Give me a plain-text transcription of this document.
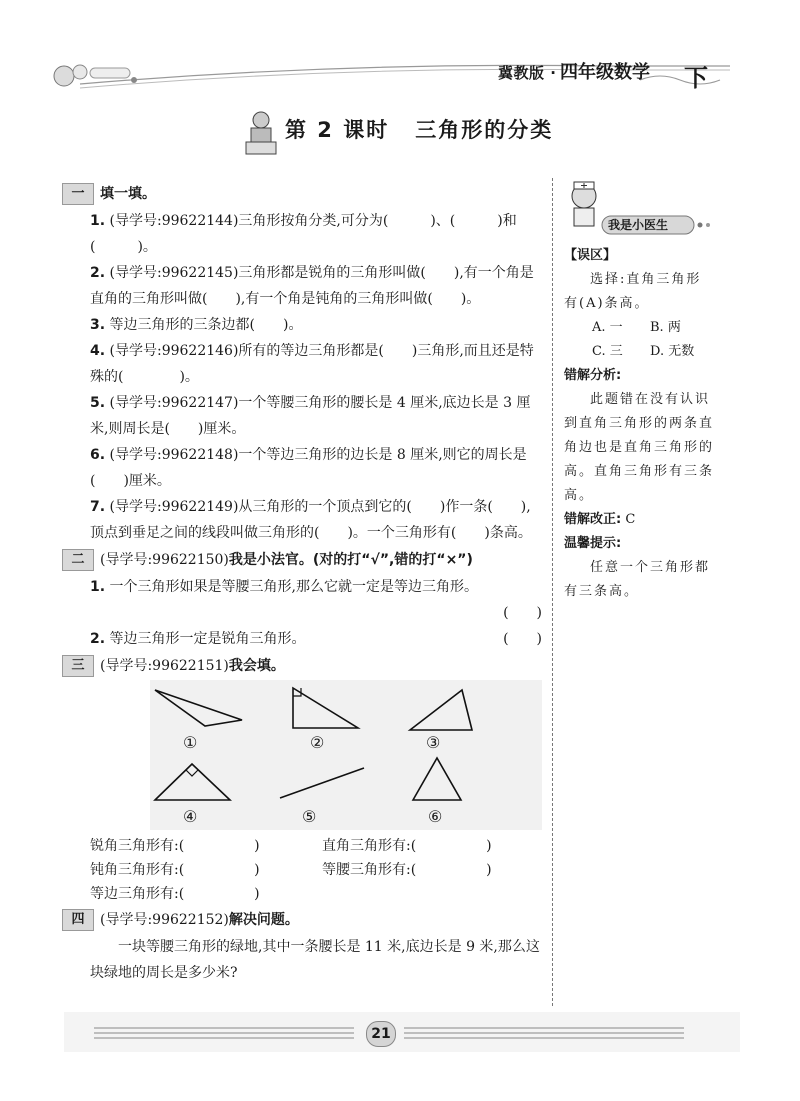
冀教版 · 四年级数学 下
第 2 课时 三角形的分类
一	填一填。
1. (导学号:99622144)三角形按角分类,可分为(　　　)、(　　　)和(　　　)。
2. (导学号:99622145)三角形都是锐角的三角形叫做(　　),有一个角是直角的三角形叫做(　　),有一个角是钝角的三角形叫做(　　)。
3. 等边三角形的三条边都(　　)。
4. (导学号:99622146)所有的等边三角形都是(　　)三角形,而且还是特殊的(　　　　)。
5. (导学号:99622147)一个等腰三角形的腰长是 4 厘米,底边长是 3 厘米,则周长是(　　)厘米。
6. (导学号:99622148)一个等边三角形的边长是 8 厘米,则它的周长是(　　)厘米。
7. (导学号:99622149)从三角形的一个顶点到它的(　　)作一条(　　),顶点到垂足之间的线段叫做三角形的(　　)。一个三角形有(　　)条高。
二	(导学号:99622150)我是小法官。(对的打“√”,错的打“×”)
1. 一个三角形如果是等腰三角形,那么它就一定是等边三角形。
(　　)
2. 等边三角形一定是锐角三角形。	(　　)
三	(导学号:99622151)我会填。
①	②	③
④	⑤	⑥
锐角三角形有:(　　　　　)	直角三角形有:(　　　　　)
钝角三角形有:(　　　　　)	等腰三角形有:(　　　　　)
等边三角形有:(　　　　　)
四	(导学号:99622152)解决问题。
一块等腰三角形的绿地,其中一条腰长是 11 米,底边长是 9 米,那么这块绿地的周长是多少米?
我是小医生
【误区】
选择:直角三角形有(A)条高。
A. 一	B. 两
C. 三	D. 无数
错解分析:
此题错在没有认识到直角三角形的两条直角边也是直角三角形的高。直角三角形有三条高。
错解改正: C
温馨提示:
任意一个三角形都有三条高。
21
